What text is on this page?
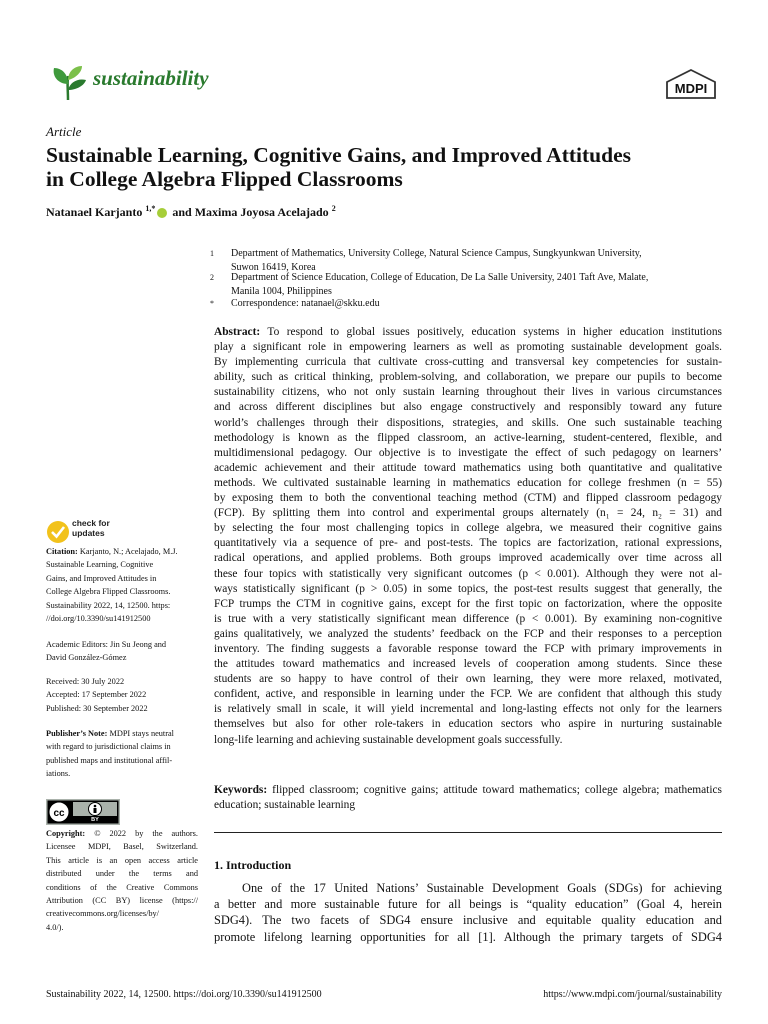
sustainability	MDPI
Article
Sustainable Learning, Cognitive Gains, and Improved Attitudes
in College Algebra Flipped Classrooms
Natanael Karjanto $^{1,*}$ and Maxima Joyosa Acelajado $^2$
1 Department of Mathematics, University College, Natural Science Campus, Sungkyunkwan University,
Suwon 16419, Korea
2 Department of Science Education, College of Education, De La Salle University, 2401 Taft Ave, Malate,
Manila 1004, Philippines
* Correspondence: natanael@skku.edu
Abstract: To respond to global issues positively, education systems in higher education institutions
play a significant role in empowering learners as well as promoting sustainable development goals.
By implementing curricula that cultivate cross-cutting and transversal key competencies for sustain-
ability, such as critical thinking, problem-solving, and collaboration, we prepare our pupils to become
sustainability citizens, who not only sustain learning throughout their lives in various circumstances
and across different disciplines but also engage constructively and responsibly toward any future
world’s challenges through their dispositions, strategies, and skills. One such sustainable teaching
methodology is known as the flipped classroom, an active-learning, student-centered, flexible, and
multidimensional pedagogy. Our objective is to investigate the effect of such pedagogy on learners’
academic achievement and their attitude toward mathematics using both quantitative and qualitative
methods. We cultivated sustainable learning in mathematics education for college freshmen (n = 55)
by exposing them to both the conventional teaching method (CTM) and flipped classroom pedagogy
(FCP). By splitting them into control and experimental groups alternately (n₁ = 24, n₂ = 31) and
by selecting the four most challenging topics in college algebra, we measured their cognitive gains
quantitatively via a sequence of pre- and post-tests. The topics are factorization, rational expressions,
radical operations, and applied problems. Both groups improved academically over time across all
these four topics with statistically very significant outcomes (p < 0.001). Although they were not al-
ways statistically significant (p > 0.05) in some topics, the post-test results suggest that generally, the
FCP trumps the CTM in cognitive gains, except for the first topic on factorization, where the opposite
is true with a very statistically significant mean difference (p < 0.001). By examining non-cognitive
gains qualitatively, we analyzed the students’ feedback on the FCP and their responses to a perception
inventory. The finding suggests a favorable response toward the FCP with primary improvements in
the attitudes toward mathematics and increased levels of cooperation among students. Since these
students are so happy to have control of their own learning, they were more relaxed, motivated,
confident, active, and responsible in learning under the FCP. We are confident that although this study
is relatively small in scale, it will yield incremental and long-lasting effects not only for the learners
themselves but also for other role-takers in education sectors who aspire in nurturing sustainable
long-life learning and achieving sustainable development goals successfully.
Keywords: flipped classroom; cognitive gains; attitude toward mathematics; college algebra; mathematics
education; sustainable learning
1. Introduction
One of the 17 United Nations’ Sustainable Development Goals (SDGs) for achieving
a better and more sustainable future for all beings is “quality education” (Goal 4, herein
SDG4). The two facets of SDG4 ensure inclusive and equitable quality education and
promote lifelong learning opportunities for all [1]. Although the primary targets of SDG4
check for
updates
Citation: Karjanto, N.; Acelajado, M.J.
Sustainable Learning, Cognitive
Gains, and Improved Attitudes in
College Algebra Flipped Classrooms.
Sustainability 2022, 14, 12500. https:
//doi.org/10.3390/su141912500
Academic Editors: Jin Su Jeong and
David González-Gómez
Received: 30 July 2022
Accepted: 17 September 2022
Published: 30 September 2022
Publisher’s Note: MDPI stays neutral
with regard to jurisdictional claims in
published maps and institutional affil-
iations.
cc
BY
Copyright: © 2022 by the authors.
Licensee MDPI, Basel, Switzerland.
This article is an open access article
distributed under the terms and
conditions of the Creative Commons
Attribution (CC BY) license (https://
creativecommons.org/licenses/by/
4.0/).
Sustainability 2022, 14, 12500. https://doi.org/10.3390/su141912500	https://www.mdpi.com/journal/sustainability
